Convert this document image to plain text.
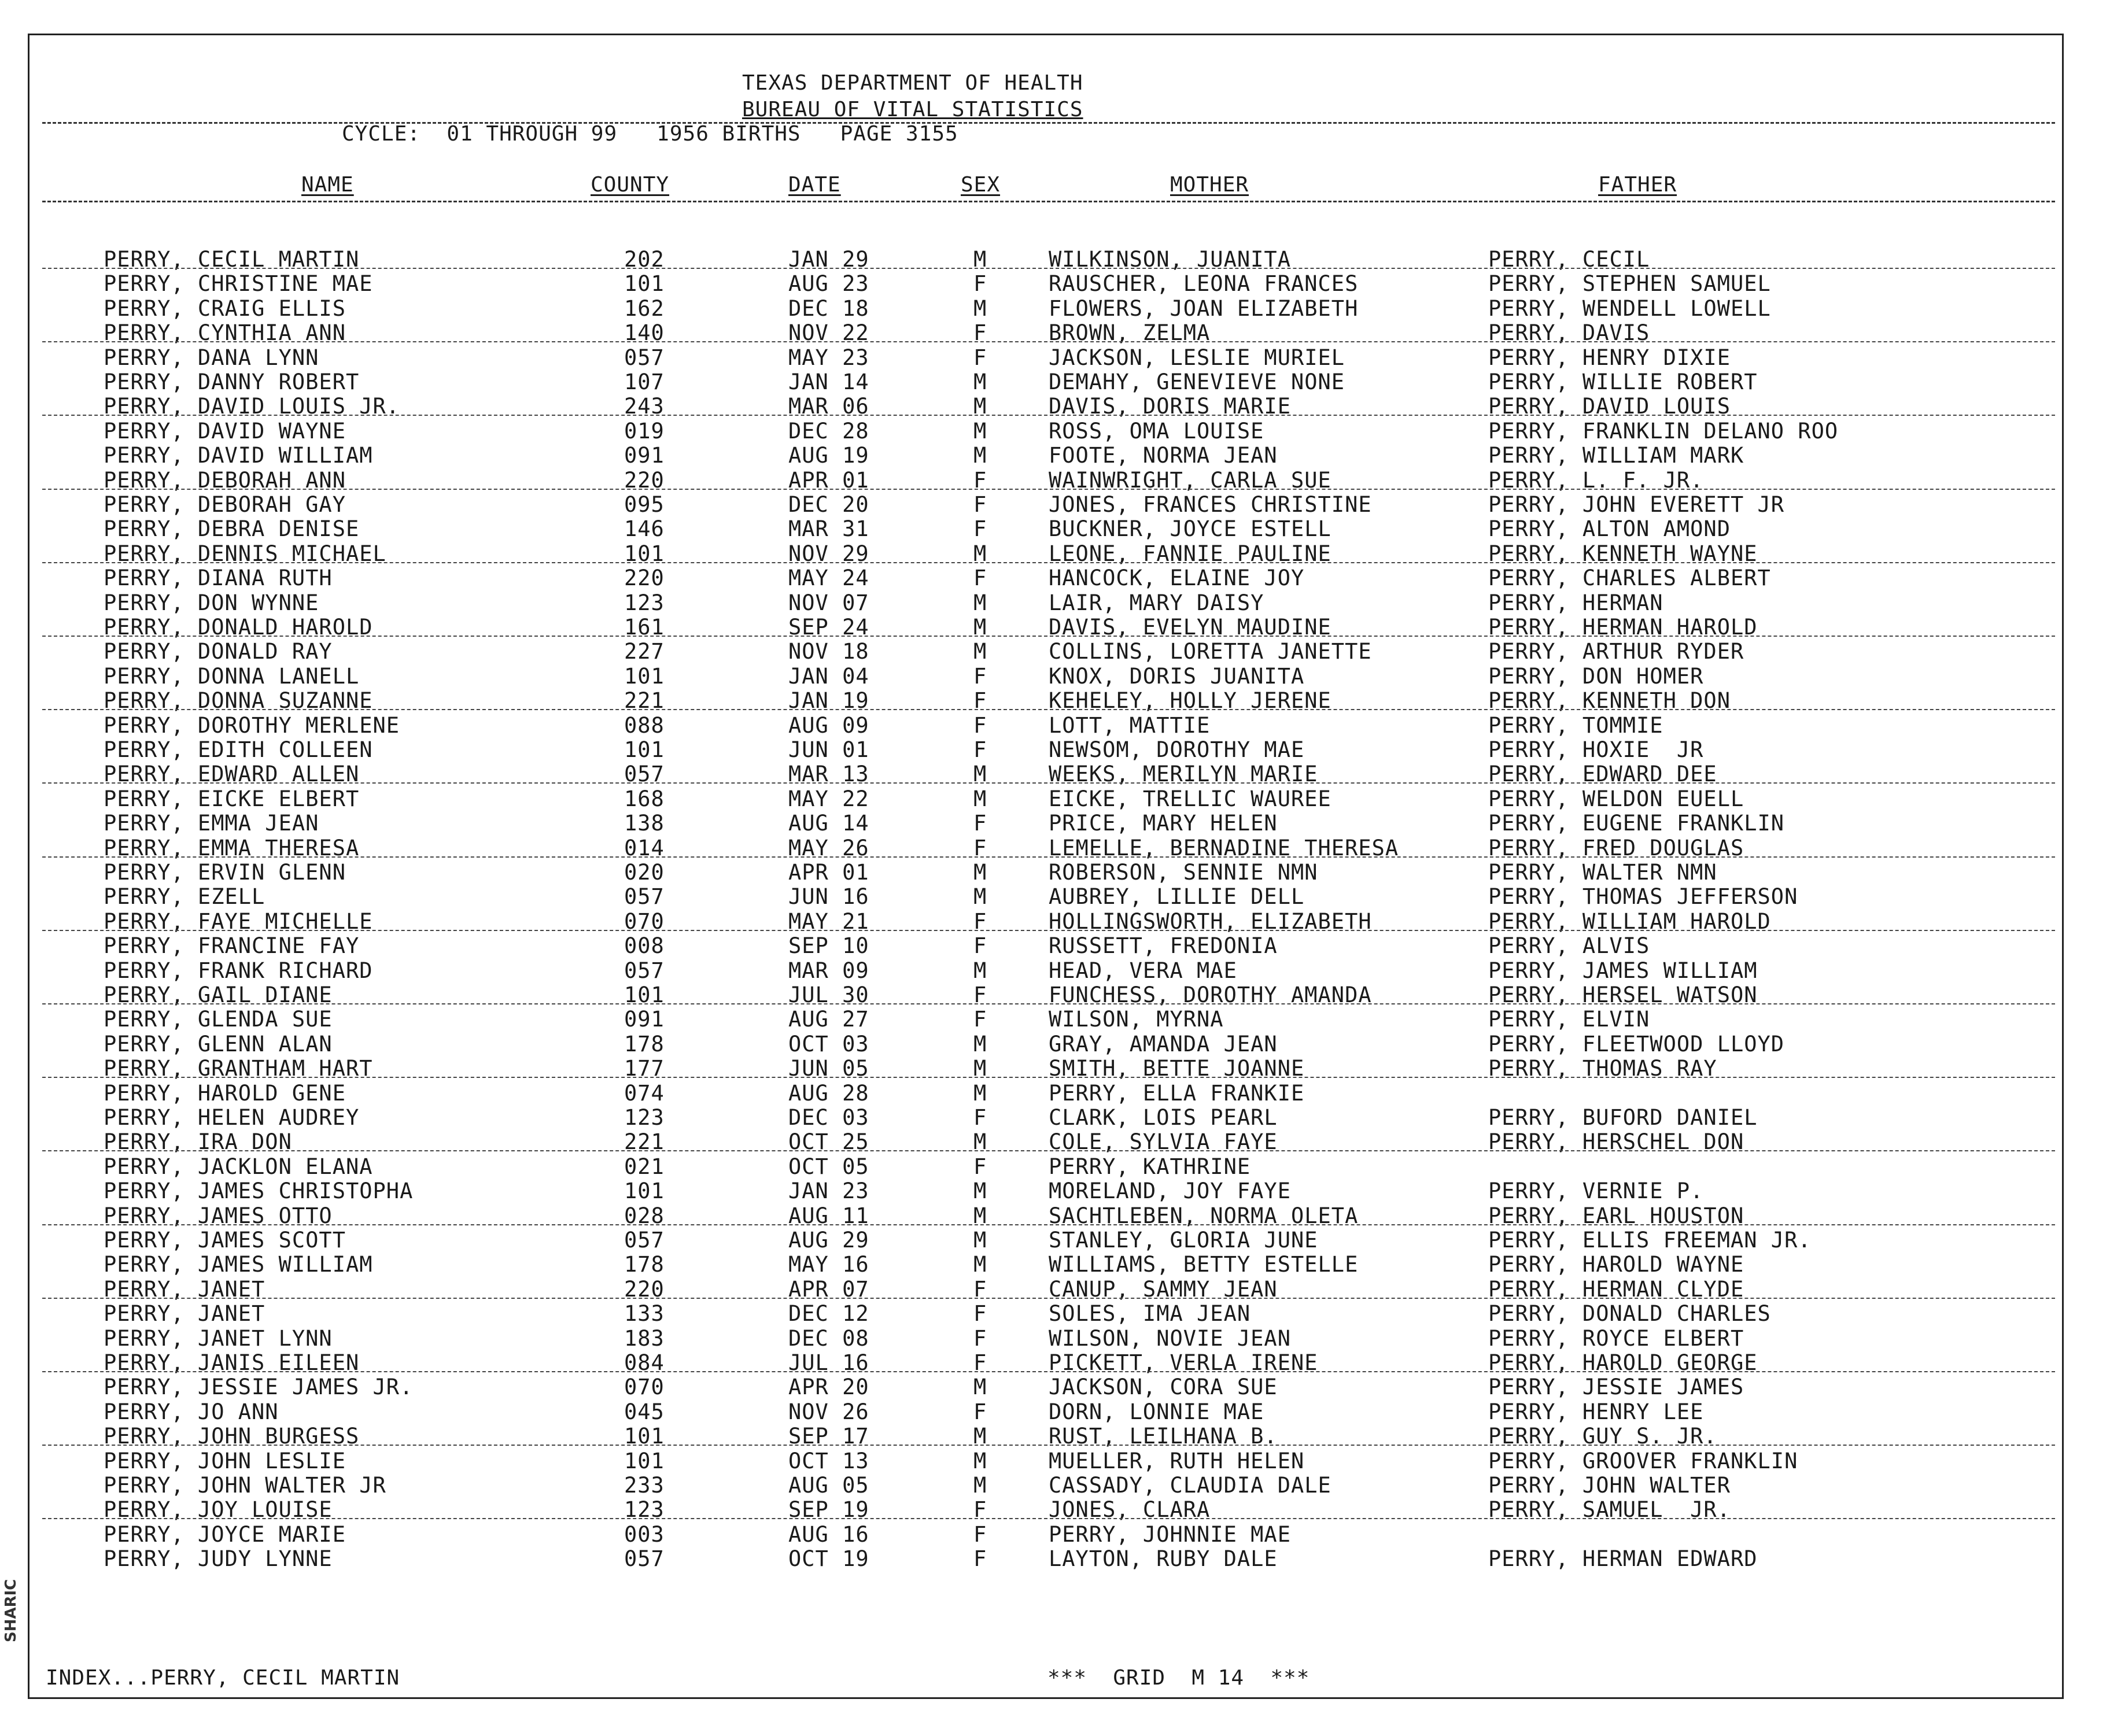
SHARIC
TEXAS DEPARTMENT OF HEALTH
BUREAU OF VITAL STATISTICS
CYCLE:  01 THROUGH 99   1956 BIRTHS   PAGE 3155
NAME	COUNTY	DATE	SEX	MOTHER	FATHER
PERRY, CECIL MARTIN	202	JAN 29	M	WILKINSON, JUANITA	PERRY, CECIL
PERRY, CHRISTINE MAE	101	AUG 23	F	RAUSCHER, LEONA FRANCES	PERRY, STEPHEN SAMUEL
PERRY, CRAIG ELLIS	162	DEC 18	M	FLOWERS, JOAN ELIZABETH	PERRY, WENDELL LOWELL
PERRY, CYNTHIA ANN	140	NOV 22	F	BROWN, ZELMA	PERRY, DAVIS
PERRY, DANA LYNN	057	MAY 23	F	JACKSON, LESLIE MURIEL	PERRY, HENRY DIXIE
PERRY, DANNY ROBERT	107	JAN 14	M	DEMAHY, GENEVIEVE NONE	PERRY, WILLIE ROBERT
PERRY, DAVID LOUIS JR.	243	MAR 06	M	DAVIS, DORIS MARIE	PERRY, DAVID LOUIS
PERRY, DAVID WAYNE	019	DEC 28	M	ROSS, OMA LOUISE	PERRY, FRANKLIN DELANO ROO
PERRY, DAVID WILLIAM	091	AUG 19	M	FOOTE, NORMA JEAN	PERRY, WILLIAM MARK
PERRY, DEBORAH ANN	220	APR 01	F	WAINWRIGHT, CARLA SUE	PERRY, L. F. JR.
PERRY, DEBORAH GAY	095	DEC 20	F	JONES, FRANCES CHRISTINE	PERRY, JOHN EVERETT JR
PERRY, DEBRA DENISE	146	MAR 31	F	BUCKNER, JOYCE ESTELL	PERRY, ALTON AMOND
PERRY, DENNIS MICHAEL	101	NOV 29	M	LEONE, FANNIE PAULINE	PERRY, KENNETH WAYNE
PERRY, DIANA RUTH	220	MAY 24	F	HANCOCK, ELAINE JOY	PERRY, CHARLES ALBERT
PERRY, DON WYNNE	123	NOV 07	M	LAIR, MARY DAISY	PERRY, HERMAN
PERRY, DONALD HAROLD	161	SEP 24	M	DAVIS, EVELYN MAUDINE	PERRY, HERMAN HAROLD
PERRY, DONALD RAY	227	NOV 18	M	COLLINS, LORETTA JANETTE	PERRY, ARTHUR RYDER
PERRY, DONNA LANELL	101	JAN 04	F	KNOX, DORIS JUANITA	PERRY, DON HOMER
PERRY, DONNA SUZANNE	221	JAN 19	F	KEHELEY, HOLLY JERENE	PERRY, KENNETH DON
PERRY, DOROTHY MERLENE	088	AUG 09	F	LOTT, MATTIE	PERRY, TOMMIE
PERRY, EDITH COLLEEN	101	JUN 01	F	NEWSOM, DOROTHY MAE	PERRY, HOXIE  JR
PERRY, EDWARD ALLEN	057	MAR 13	M	WEEKS, MERILYN MARIE	PERRY, EDWARD DEE
PERRY, EICKE ELBERT	168	MAY 22	M	EICKE, TRELLIC WAUREE	PERRY, WELDON EUELL
PERRY, EMMA JEAN	138	AUG 14	F	PRICE, MARY HELEN	PERRY, EUGENE FRANKLIN
PERRY, EMMA THERESA	014	MAY 26	F	LEMELLE, BERNADINE THERESA	PERRY, FRED DOUGLAS
PERRY, ERVIN GLENN	020	APR 01	M	ROBERSON, SENNIE NMN	PERRY, WALTER NMN
PERRY, EZELL	057	JUN 16	M	AUBREY, LILLIE DELL	PERRY, THOMAS JEFFERSON
PERRY, FAYE MICHELLE	070	MAY 21	F	HOLLINGSWORTH, ELIZABETH	PERRY, WILLIAM HAROLD
PERRY, FRANCINE FAY	008	SEP 10	F	RUSSETT, FREDONIA	PERRY, ALVIS
PERRY, FRANK RICHARD	057	MAR 09	M	HEAD, VERA MAE	PERRY, JAMES WILLIAM
PERRY, GAIL DIANE	101	JUL 30	F	FUNCHESS, DOROTHY AMANDA	PERRY, HERSEL WATSON
PERRY, GLENDA SUE	091	AUG 27	F	WILSON, MYRNA	PERRY, ELVIN
PERRY, GLENN ALAN	178	OCT 03	M	GRAY, AMANDA JEAN	PERRY, FLEETWOOD LLOYD
PERRY, GRANTHAM HART	177	JUN 05	M	SMITH, BETTE JOANNE	PERRY, THOMAS RAY
PERRY, HAROLD GENE	074	AUG 28	M	PERRY, ELLA FRANKIE
PERRY, HELEN AUDREY	123	DEC 03	F	CLARK, LOIS PEARL	PERRY, BUFORD DANIEL
PERRY, IRA DON	221	OCT 25	M	COLE, SYLVIA FAYE	PERRY, HERSCHEL DON
PERRY, JACKLON ELANA	021	OCT 05	F	PERRY, KATHRINE
PERRY, JAMES CHRISTOPHA	101	JAN 23	M	MORELAND, JOY FAYE	PERRY, VERNIE P.
PERRY, JAMES OTTO	028	AUG 11	M	SACHTLEBEN, NORMA OLETA	PERRY, EARL HOUSTON
PERRY, JAMES SCOTT	057	AUG 29	M	STANLEY, GLORIA JUNE	PERRY, ELLIS FREEMAN JR.
PERRY, JAMES WILLIAM	178	MAY 16	M	WILLIAMS, BETTY ESTELLE	PERRY, HAROLD WAYNE
PERRY, JANET	220	APR 07	F	CANUP, SAMMY JEAN	PERRY, HERMAN CLYDE
PERRY, JANET	133	DEC 12	F	SOLES, IMA JEAN	PERRY, DONALD CHARLES
PERRY, JANET LYNN	183	DEC 08	F	WILSON, NOVIE JEAN	PERRY, ROYCE ELBERT
PERRY, JANIS EILEEN	084	JUL 16	F	PICKETT, VERLA IRENE	PERRY, HAROLD GEORGE
PERRY, JESSIE JAMES JR.	070	APR 20	M	JACKSON, CORA SUE	PERRY, JESSIE JAMES
PERRY, JO ANN	045	NOV 26	F	DORN, LONNIE MAE	PERRY, HENRY LEE
PERRY, JOHN BURGESS	101	SEP 17	M	RUST, LEILHANA B.	PERRY, GUY S. JR.
PERRY, JOHN LESLIE	101	OCT 13	M	MUELLER, RUTH HELEN	PERRY, GROOVER FRANKLIN
PERRY, JOHN WALTER JR	233	AUG 05	M	CASSADY, CLAUDIA DALE	PERRY, JOHN WALTER
PERRY, JOY LOUISE	123	SEP 19	F	JONES, CLARA	PERRY, SAMUEL  JR.
PERRY, JOYCE MARIE	003	AUG 16	F	PERRY, JOHNNIE MAE
PERRY, JUDY LYNNE	057	OCT 19	F	LAYTON, RUBY DALE	PERRY, HERMAN EDWARD
INDEX...PERRY, CECIL MARTIN	***  GRID  M 14  ***
